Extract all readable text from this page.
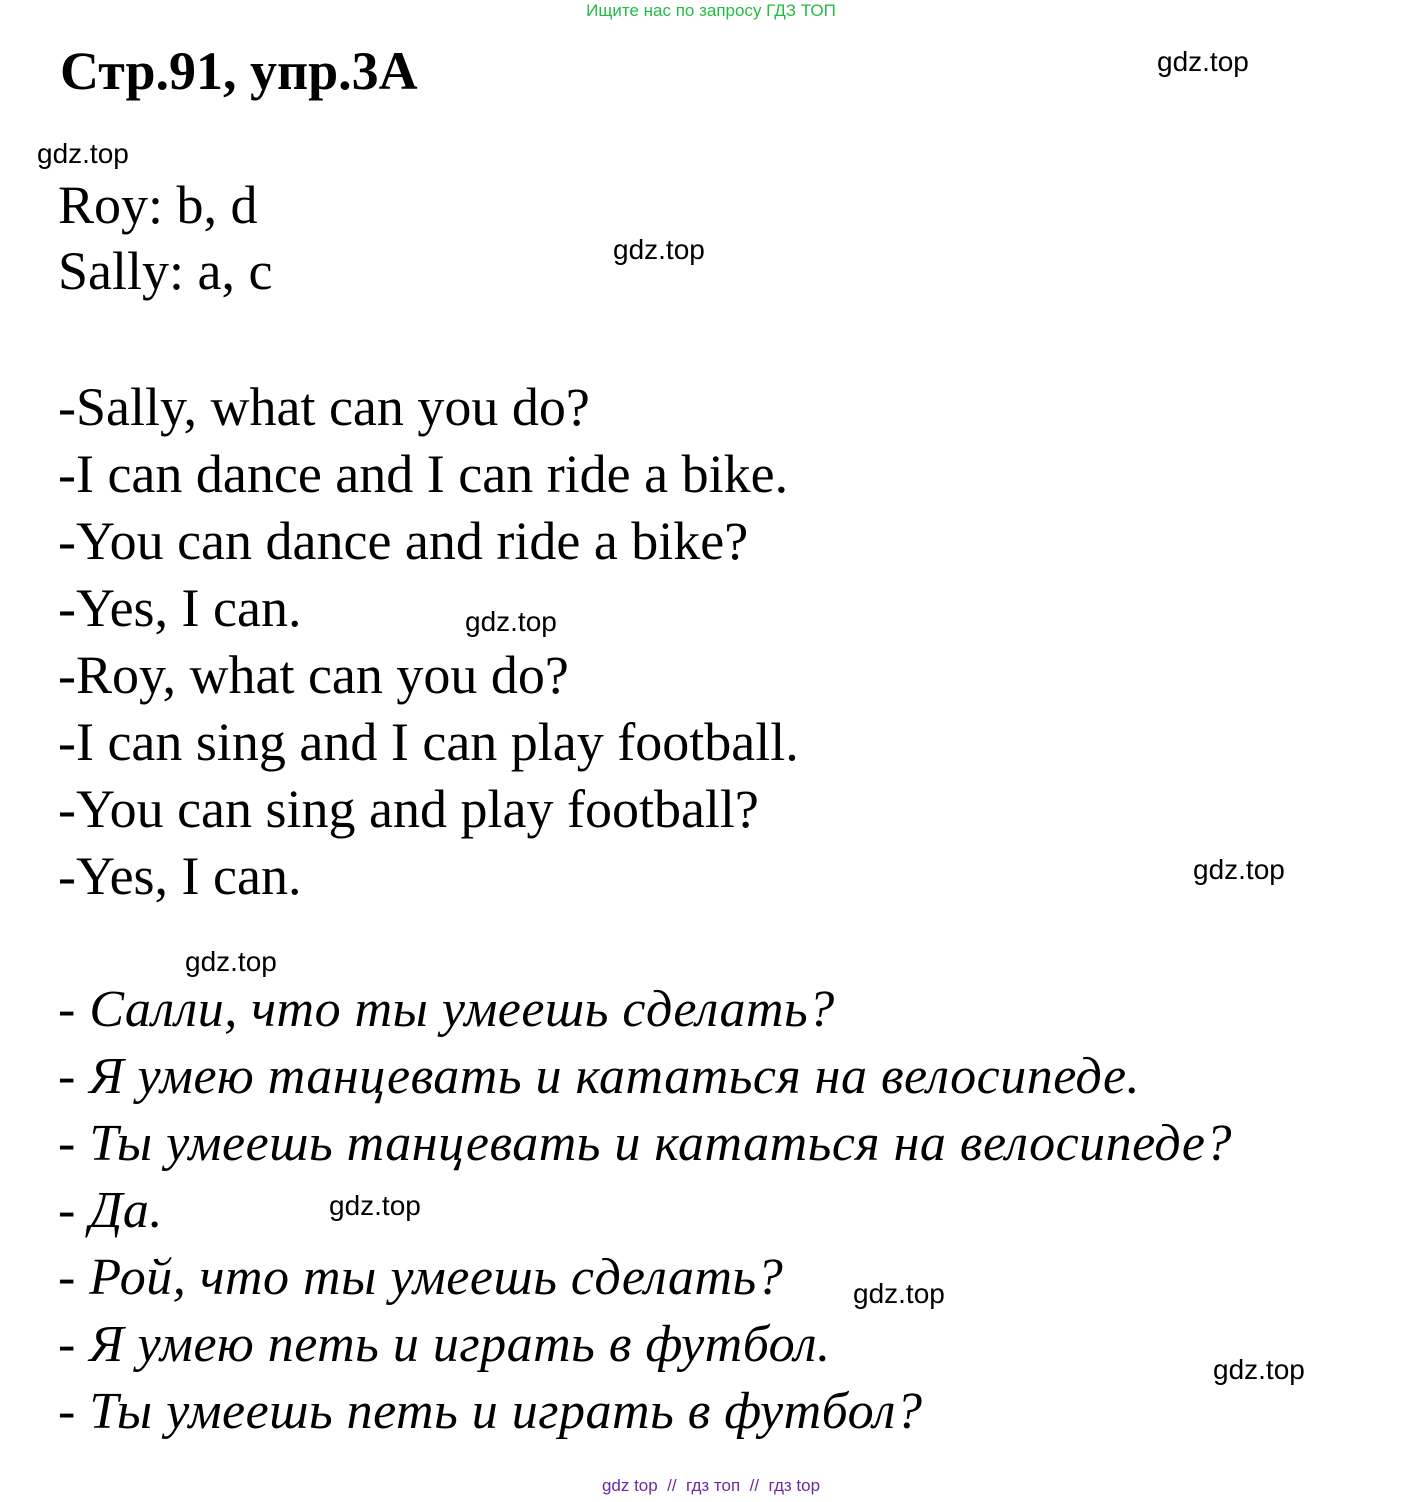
Ищите нас по запросу ГДЗ ТОП
Стр.91, упр.3A
Roy: b, d
Sally: a, c
-Sally, what can you do?
-I can dance and I can ride a bike.
-You can dance and ride a bike?
-Yes, I can.
-Roy, what can you do?
-I can sing and I can play football.
-You can sing and play football?
-Yes, I can.
- Салли, что ты умеешь сделать?
- Я умею танцевать и кататься на велосипеде.
- Ты умеешь танцевать и кататься на велосипеде?
- Да.
- Рой, что ты умеешь сделать?
- Я умею петь и играть в футбол.
- Ты умеешь петь и играть в футбол?
gdz.top
gdz.top
gdz.top
gdz.top
gdz.top
gdz.top
gdz.top
gdz.top
gdz.top
gdz top  //  гдз топ  //  гдз top
